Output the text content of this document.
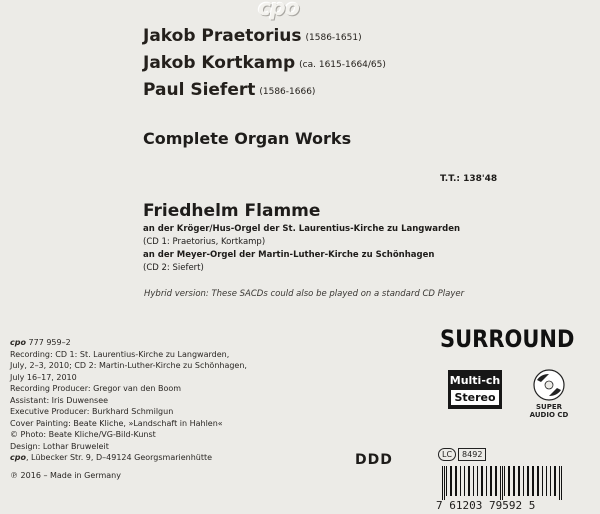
cpo
Jakob Praetorius (1586-1651)
Jakob Kortkamp (ca. 1615-1664/65)
Paul Siefert (1586-1666)
Complete Organ Works
T.T.: 138'48
Friedhelm Flamme
an der Kröger/Hus-Orgel der St. Laurentius-Kirche zu Langwarden
(CD 1: Praetorius, Kortkamp)
an der Meyer-Orgel der Martin-Luther-Kirche zu Schönhagen
(CD 2: Siefert)
Hybrid version: These SACDs could also be played on a standard CD Player
cpo 777 959–2
Recording: CD 1: St. Laurentius-Kirche zu Langwarden,
July, 2–3, 2010; CD 2: Martin-Luther-Kirche zu Schönhagen,
July 16–17, 2010
Recording Producer: Gregor van den Boom
Assistant: Iris Duwensee
Executive Producer: Burkhard Schmilgun
Cover Painting: Beate Kliche, »Landschaft in Hahlen«
© Photo: Beate Kliche/VG-Bild-Kunst
Design: Lothar Bruweleit
cpo, Lübecker Str. 9, D–49124 Georgsmarienhütte
℗ 2016 – Made in Germany
SURROUND
Multi-ch
Stereo
SUPER
AUDIO CD
DDD	LC	8492
7 61203 79592 5
